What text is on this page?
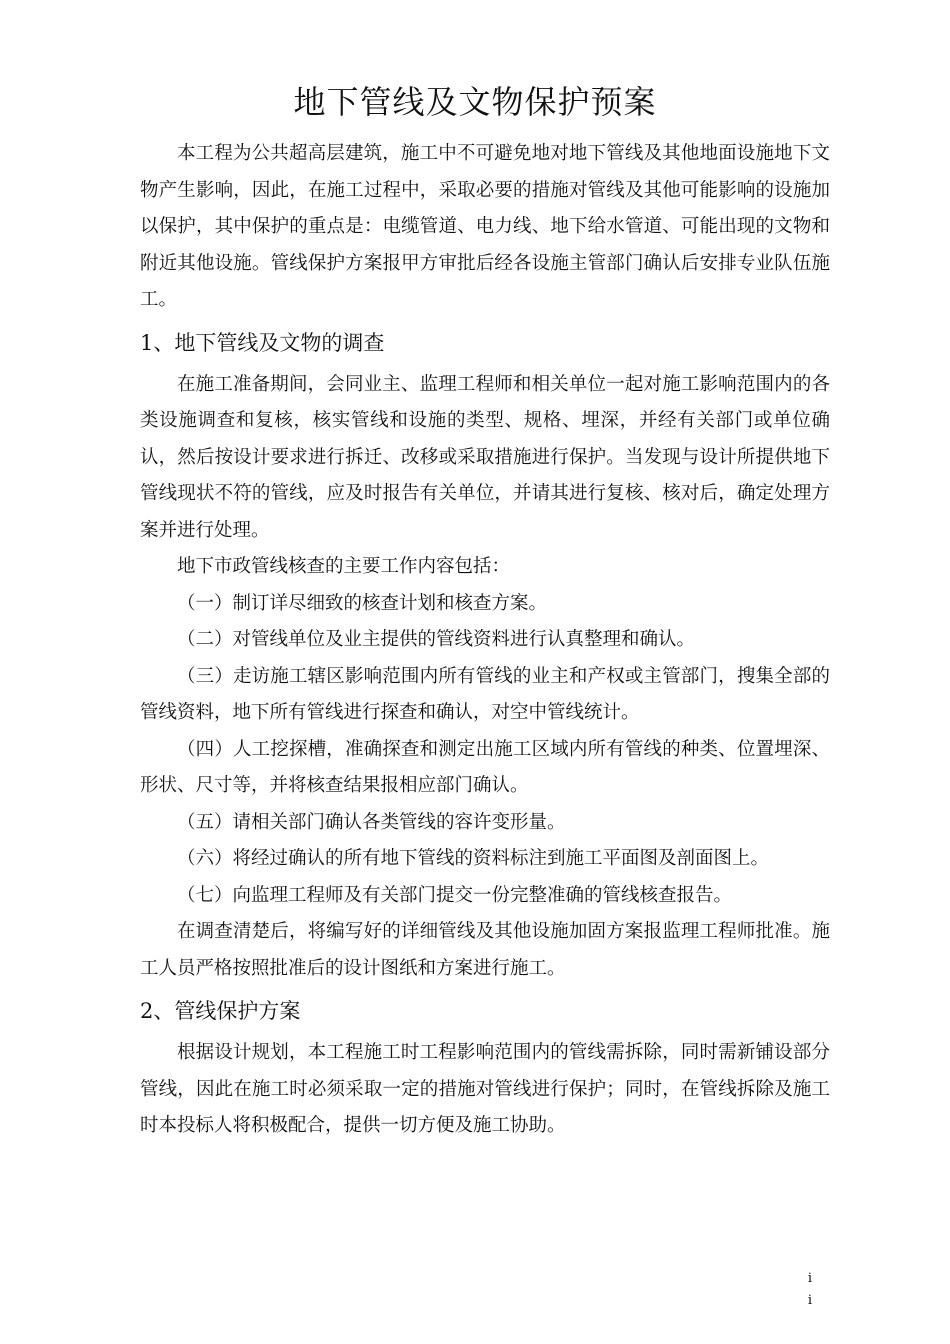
地下管线及文物保护预案

本工程为公共超高层建筑，施工中不可避免地对地下管线及其他地面设施地下文物产生影响，因此，在施工过程中，采取必要的措施对管线及其他可能影响的设施加以保护，其中保护的重点是：电缆管道、电力线、地下给水管道、可能出现的文物和附近其他设施。管线保护方案报甲方审批后经各设施主管部门确认后安排专业队伍施工。

1、地下管线及文物的调查

在施工准备期间，会同业主、监理工程师和相关单位一起对施工影响范围内的各类设施调查和复核，核实管线和设施的类型、规格、埋深，并经有关部门或单位确认，然后按设计要求进行拆迁、改移或采取措施进行保护。当发现与设计所提供地下管线现状不符的管线，应及时报告有关单位，并请其进行复核、核对后，确定处理方案并进行处理。

地下市政管线核查的主要工作内容包括：

（一）制订详尽细致的核查计划和核查方案。

（二）对管线单位及业主提供的管线资料进行认真整理和确认。

（三）走访施工辖区影响范围内所有管线的业主和产权或主管部门，搜集全部的管线资料，地下所有管线进行探查和确认，对空中管线统计。

（四）人工挖探槽，准确探查和测定出施工区域内所有管线的种类、位置埋深、形状、尺寸等，并将核查结果报相应部门确认。

（五）请相关部门确认各类管线的容许变形量。

（六）将经过确认的所有地下管线的资料标注到施工平面图及剖面图上。

（七）向监理工程师及有关部门提交一份完整准确的管线核查报告。

在调查清楚后，将编写好的详细管线及其他设施加固方案报监理工程师批准。施工人员严格按照批准后的设计图纸和方案进行施工。

2、管线保护方案

根据设计规划，本工程施工时工程影响范围内的管线需拆除，同时需新铺设部分管线，因此在施工时必须采取一定的措施对管线进行保护；同时，在管线拆除及施工时本投标人将积极配合，提供一切方便及施工协助。

i i
